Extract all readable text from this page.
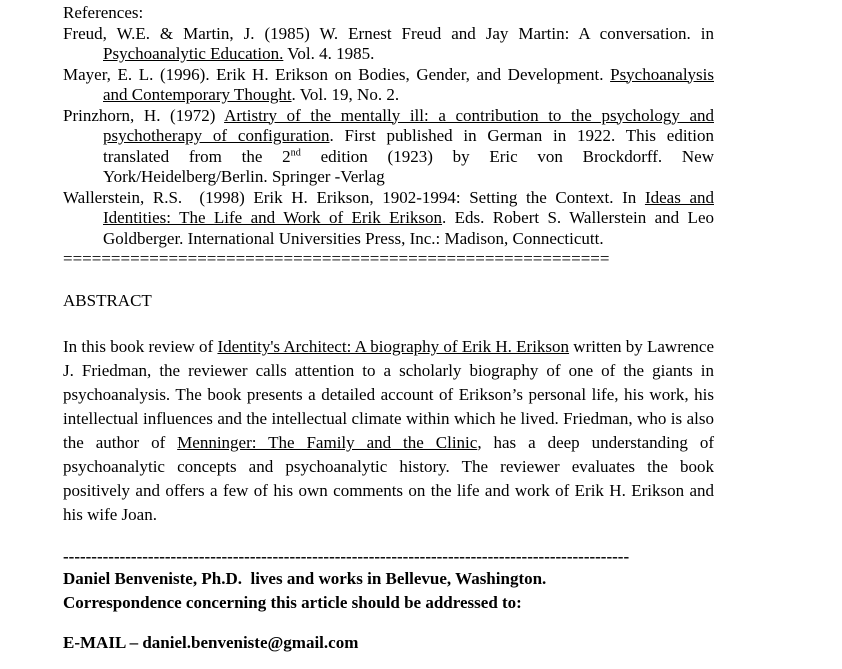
References:

Freud, W.E. & Martin, J. (1985) W. Ernest Freud and Jay Martin: A conversation. in Psychoanalytic Education. Vol. 4. 1985.

Mayer, E. L. (1996). Erik H. Erikson on Bodies, Gender, and Development. Psychoanalysis and Contemporary Thought. Vol. 19, No. 2.

Prinzhorn, H. (1972) Artistry of the mentally ill: a contribution to the psychology and psychotherapy of configuration. First published in German in 1922. This edition translated from the 2nd edition (1923) by Eric von Brockdorff. New York/Heidelberg/Berlin. Springer -Verlag

Wallerstein, R.S.  (1998) Erik H. Erikson, 1902-1994: Setting the Context. In Ideas and Identities: The Life and Work of Erik Erikson. Eds. Robert S. Wallerstein and Leo Goldberger. International Universities Press, Inc.: Madison, Connecticutt.

=========================================================

ABSTRACT

In this book review of Identity's Architect: A biography of Erik H. Erikson written by Lawrence J. Friedman, the reviewer calls attention to a scholarly biography of one of the giants in psychoanalysis. The book presents a detailed account of Erikson’s personal life, his work, his intellectual influences and the intellectual climate within which he lived. Friedman, who is also the author of Menninger: The Family and the Clinic, has a deep understanding of psychoanalytic concepts and psychoanalytic history. The reviewer evaluates the book positively and offers a few of his own comments on the life and work of Erik H. Erikson and his wife Joan.

----------------------------------------------------------------------------------------------------

Daniel Benveniste, Ph.D.  lives and works in Bellevue, Washington.

Correspondence concerning this article should be addressed to:

E-MAIL – daniel.benveniste@gmail.com
